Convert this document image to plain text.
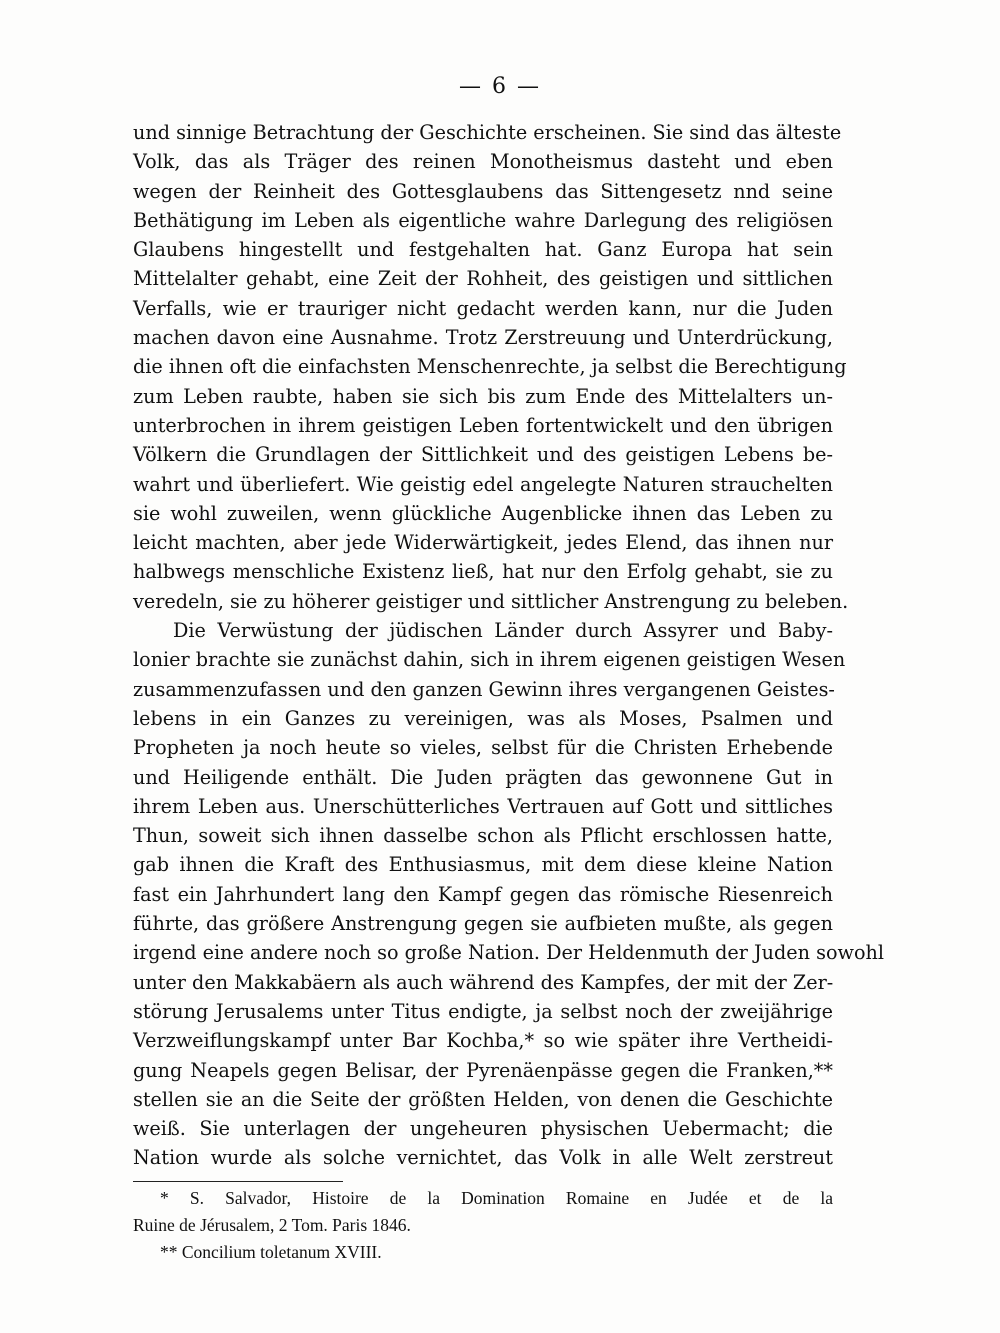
— 6 —
und sinnige Betrachtung der Geschichte erscheinen. Sie sind das älteste
Volk, das als Träger des reinen Monotheismus dasteht und eben
wegen der Reinheit des Gottesglaubens das Sittengesetz nnd seine
Bethätigung im Leben als eigentliche wahre Darlegung des religiösen
Glaubens hingestellt und festgehalten hat. Ganz Europa hat sein
Mittelalter gehabt, eine Zeit der Rohheit, des geistigen und sittlichen
Verfalls, wie er trauriger nicht gedacht werden kann, nur die Juden
machen davon eine Ausnahme. Trotz Zerstreuung und Unterdrückung,
die ihnen oft die einfachsten Menschenrechte, ja selbst die Berechtigung
zum Leben raubte, haben sie sich bis zum Ende des Mittelalters un-
unterbrochen in ihrem geistigen Leben fortentwickelt und den übrigen
Völkern die Grundlagen der Sittlichkeit und des geistigen Lebens be-
wahrt und überliefert. Wie geistig edel angelegte Naturen strauchelten
sie wohl zuweilen, wenn glückliche Augenblicke ihnen das Leben zu
leicht machten, aber jede Widerwärtigkeit, jedes Elend, das ihnen nur
halbwegs menschliche Existenz ließ, hat nur den Erfolg gehabt, sie zu
veredeln, sie zu höherer geistiger und sittlicher Anstrengung zu beleben.
Die Verwüstung der jüdischen Länder durch Assyrer und Baby-
lonier brachte sie zunächst dahin, sich in ihrem eigenen geistigen Wesen
zusammenzufassen und den ganzen Gewinn ihres vergangenen Geistes-
lebens in ein Ganzes zu vereinigen, was als Moses, Psalmen und
Propheten ja noch heute so vieles, selbst für die Christen Erhebende
und Heiligende enthält. Die Juden prägten das gewonnene Gut in
ihrem Leben aus. Unerschütterliches Vertrauen auf Gott und sittliches
Thun, soweit sich ihnen dasselbe schon als Pflicht erschlossen hatte,
gab ihnen die Kraft des Enthusiasmus, mit dem diese kleine Nation
fast ein Jahrhundert lang den Kampf gegen das römische Riesenreich
führte, das größere Anstrengung gegen sie aufbieten mußte, als gegen
irgend eine andere noch so große Nation. Der Heldenmuth der Juden sowohl
unter den Makkabäern als auch während des Kampfes, der mit der Zer-
störung Jerusalems unter Titus endigte, ja selbst noch der zweijährige
Verzweiflungskampf unter Bar Kochba,* so wie später ihre Vertheidi-
gung Neapels gegen Belisar, der Pyrenäenpässe gegen die Franken,**
stellen sie an die Seite der größten Helden, von denen die Geschichte
weiß. Sie unterlagen der ungeheuren physischen Uebermacht; die
Nation wurde als solche vernichtet, das Volk in alle Welt zerstreut
* S. Salvador, Histoire de la Domination Romaine en Judée et de la
Ruine de Jérusalem, 2 Tom. Paris 1846.
** Concilium toletanum XVIII.
